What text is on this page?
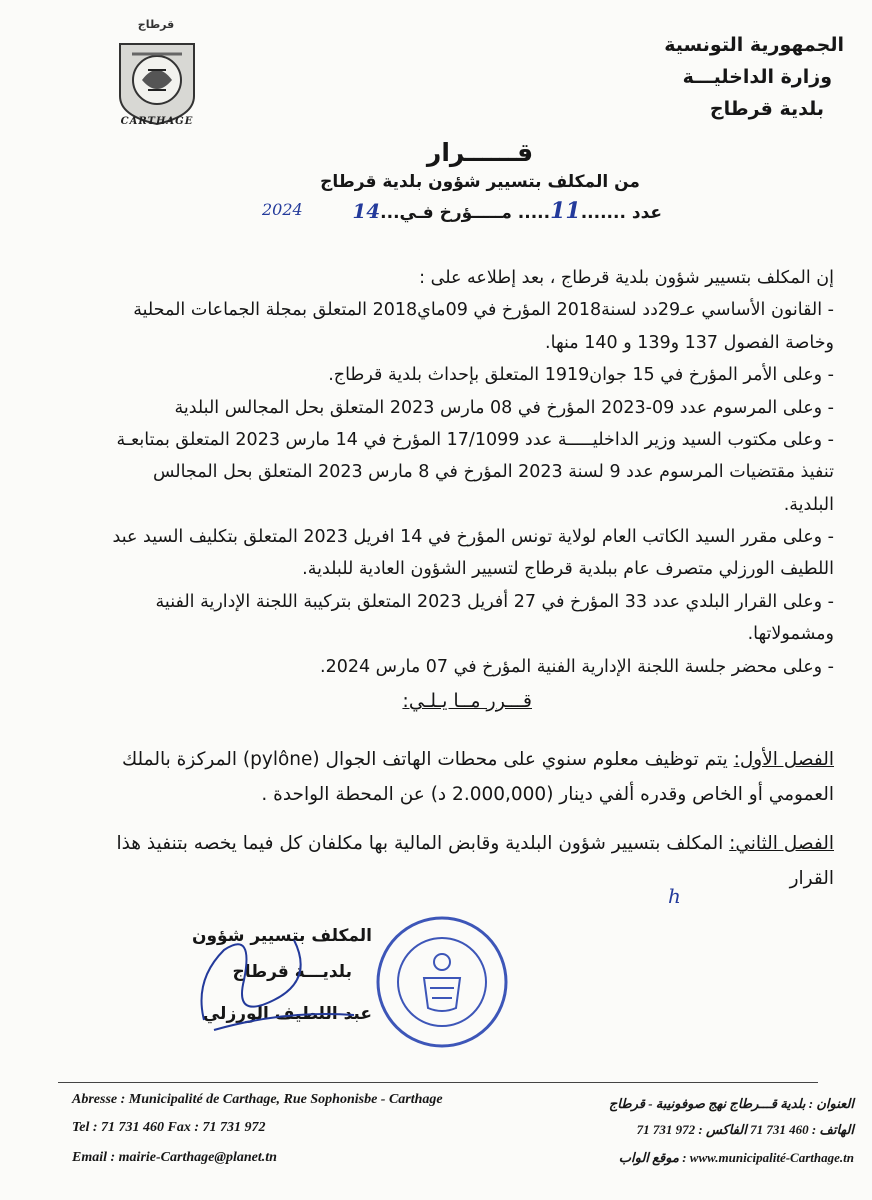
قرطاج
CARTHAGE
الجمهورية التونسية
وزارة الداخليـــة
بلدية قرطاج
قــــــرار
من المكلف بتسيير شؤون بلدية قرطاج
عدد .......11..... مـــــؤرخ فـي...14
2024

إن المكلف بتسيير شؤون بلدية قرطاج ، بعد إطلاعه على :

- القانون الأساسي عـ29دد لسنة2018 المؤرخ في 09ماي2018 المتعلق بمجلة الجماعات المحلية وخاصة الفصول 137 و139 و 140 منها.

- وعلى الأمر المؤرخ في 15 جوان1919 المتعلق بإحداث بلدية قرطاج.

- وعلى المرسوم عدد 09-2023 المؤرخ في 08 مارس 2023 المتعلق بحل المجالس البلدية

- وعلى مكتوب السيد وزير الداخليـــــة عدد 17/1099 المؤرخ في 14 مارس 2023 المتعلق بمتابعـة تنفيذ مقتضيات المرسوم عدد 9 لسنة 2023 المؤرخ في 8 مارس 2023 المتعلق بحل المجالس البلدية.

- وعلى مقرر السيد الكاتب العام لولاية تونس المؤرخ في 14 افريل 2023 المتعلق بتكليف السيد عبد اللطيف الورزلي متصرف عام ببلدية قرطاج لتسيير الشؤون العادية للبلدية.

- وعلى القرار البلدي عدد 33 المؤرخ في 27 أفريل 2023 المتعلق بتركيبة اللجنة الإدارية الفنية ومشمولاتها.

- وعلى محضر جلسة اللجنة الإدارية الفنية المؤرخ في 07 مارس 2024.

قـــرر مــا يـلـي:

الفصل الأول: يتم توظيف معلوم سنوي على محطات الهاتف الجوال (pylône) المركزة بالملك العمومي أو الخاص وقدره ألفي دينار (2.000,000 د) عن المحطة الواحدة .

الفصل الثاني: المكلف بتسيير شؤون البلدية وقابض المالية بها مكلفان كل فيما يخصه بتنفيذ هذا القرار

h
المكلف بتسيير شؤون
بلديـــة قرطاج
عبد اللطيف الورزلي
Abresse : Municipalité de Carthage, Rue Sophonisbe - Carthage
Tel : 71 731 460 Fax : 71 731 972
Email : mairie-Carthage@planet.tn
العنوان : بلدية قـــرطاج نهج صوفونيبة - قرطاج
الهاتف : 460 731 71 الفاكس : 972 731 71
www.municipalité-Carthage.tn : موقع الواب
